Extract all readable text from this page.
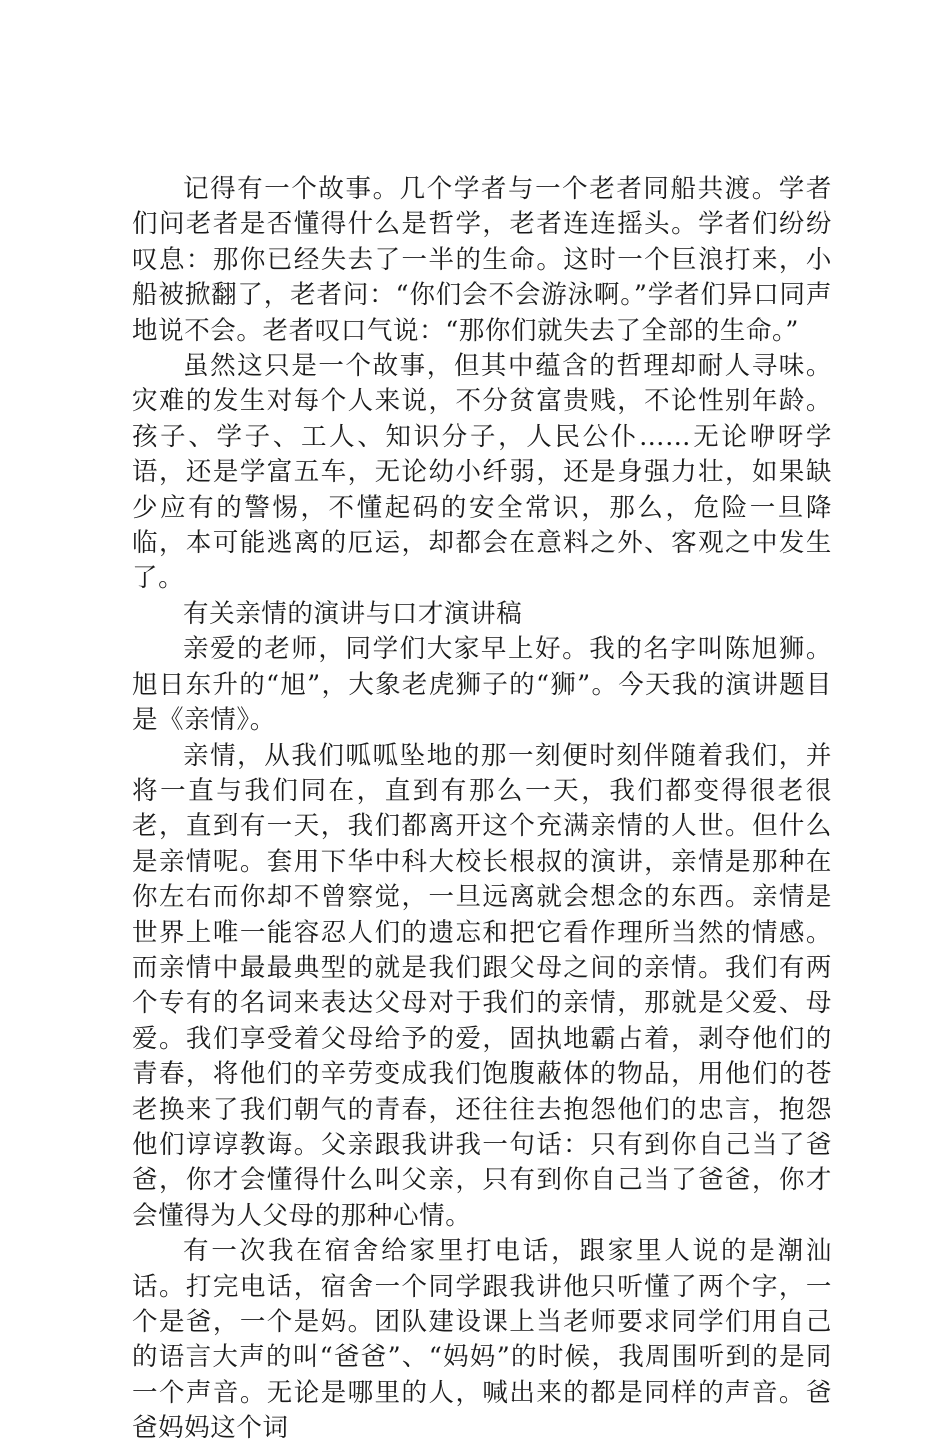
记得有一个故事。几个学者与一个老者同船共渡。学者们问老者是否懂得什么是哲学，老者连连摇头。学者们纷纷叹息：那你已经失去了一半的生命。这时一个巨浪打来，小船被掀翻了，老者问：“你们会不会游泳啊。”学者们异口同声地说不会。老者叹口气说：“那你们就失去了全部的生命。”

虽然这只是一个故事，但其中蕴含的哲理却耐人寻味。灾难的发生对每个人来说，不分贫富贵贱，不论性别年龄。孩子、学子、工人、知识分子，人民公仆……无论咿呀学语，还是学富五车，无论幼小纤弱，还是身强力壮，如果缺少应有的警惕，不懂起码的安全常识，那么，危险一旦降临，本可能逃离的厄运，却都会在意料之外、客观之中发生了。

有关亲情的演讲与口才演讲稿

亲爱的老师，同学们大家早上好。我的名字叫陈旭狮。旭日东升的“旭”，大象老虎狮子的“狮”。今天我的演讲题目是《亲情》。

亲情，从我们呱呱坠地的那一刻便时刻伴随着我们，并将一直与我们同在，直到有那么一天，我们都变得很老很老，直到有一天，我们都离开这个充满亲情的人世。但什么是亲情呢。套用下华中科大校长根叔的演讲，亲情是那种在你左右而你却不曾察觉，一旦远离就会想念的东西。亲情是世界上唯一能容忍人们的遗忘和把它看作理所当然的情感。而亲情中最最典型的就是我们跟父母之间的亲情。我们有两个专有的名词来表达父母对于我们的亲情，那就是父爱、母爱。我们享受着父母给予的爱，固执地霸占着，剥夺他们的青春，将他们的辛劳变成我们饱腹蔽体的物品，用他们的苍老换来了我们朝气的青春，还往往去抱怨他们的忠言，抱怨他们谆谆教诲。父亲跟我讲我一句话：只有到你自己当了爸爸，你才会懂得什么叫父亲，只有到你自己当了爸爸，你才会懂得为人父母的那种心情。

有一次我在宿舍给家里打电话，跟家里人说的是潮汕话。打完电话，宿舍一个同学跟我讲他只听懂了两个字，一个是爸，一个是妈。团队建设课上当老师要求同学们用自己的语言大声的叫“爸爸”、“妈妈”的时候，我周围听到的是同一个声音。无论是哪里的人，喊出来的都是同样的声音。爸爸妈妈这个词
